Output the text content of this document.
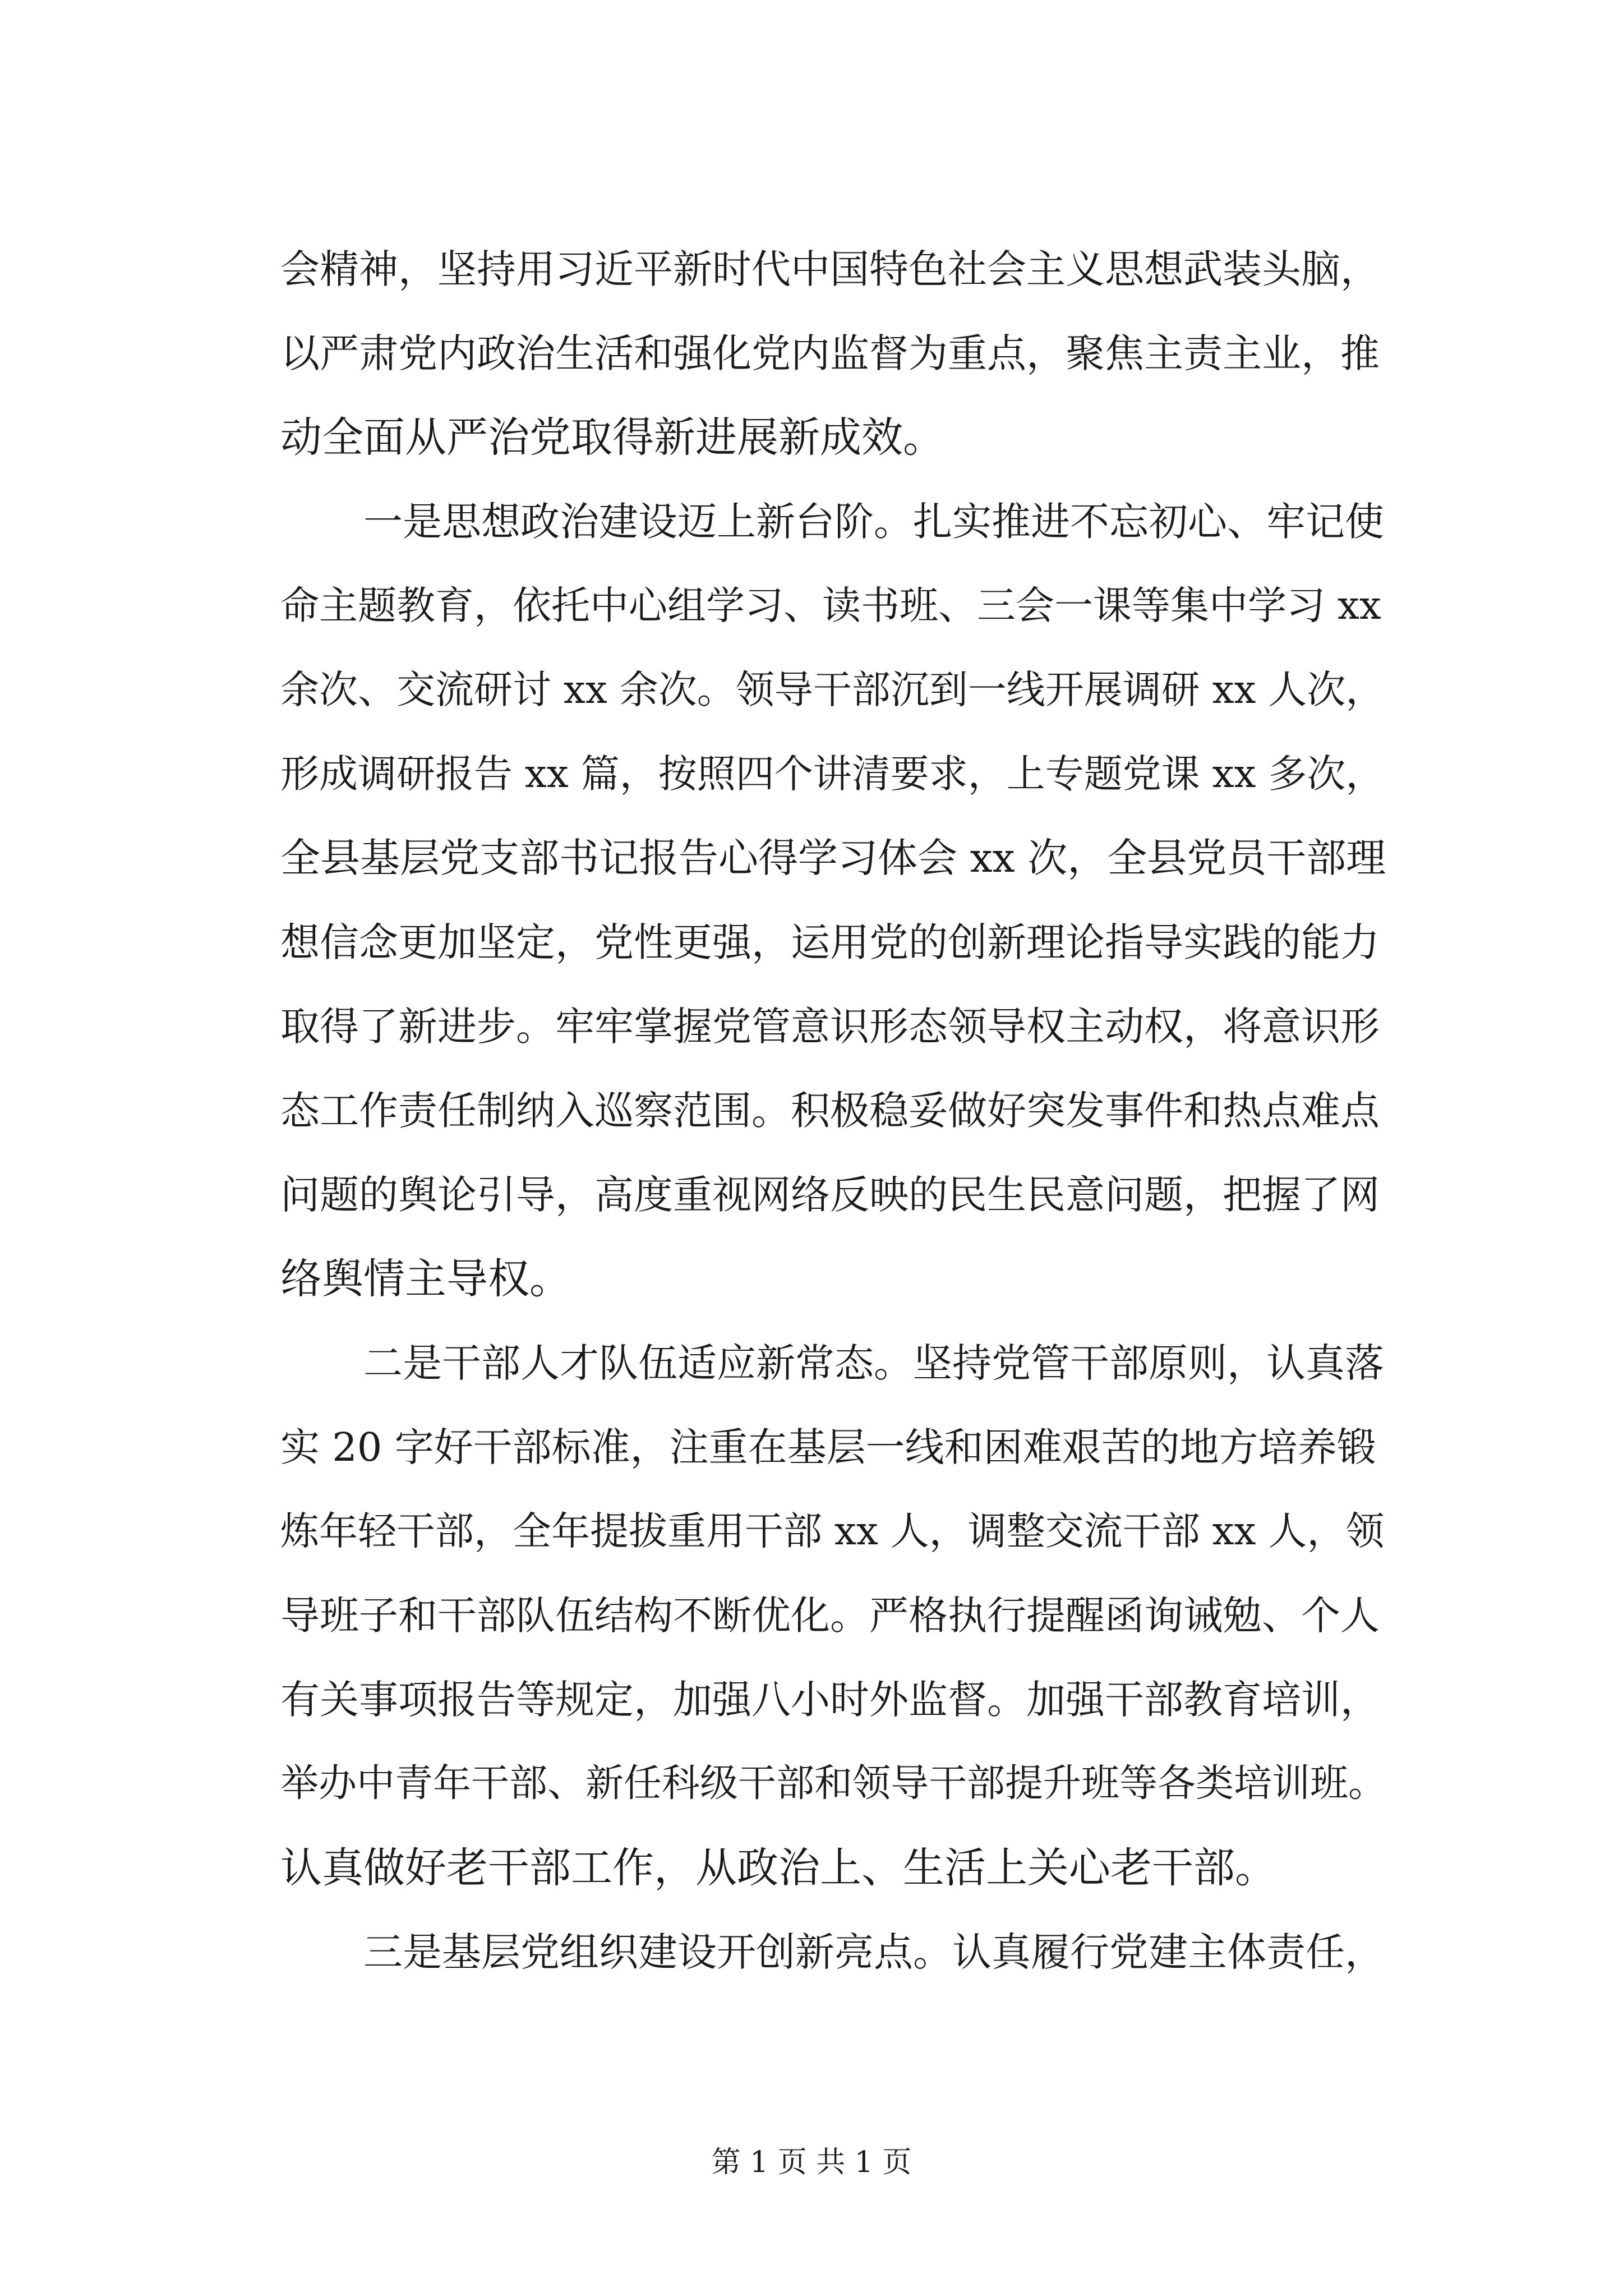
会精神，坚持用习近平新时代中国特色社会主义思想武装头脑，
以严肃党内政治生活和强化党内监督为重点，聚焦主责主业，推
动全面从严治党取得新进展新成效。
一是思想政治建设迈上新台阶。扎实推进不忘初心、牢记使
命主题教育，依托中心组学习、读书班、三会一课等集中学习 xx
余次、交流研讨 xx 余次。领导干部沉到一线开展调研 xx 人次，
形成调研报告 xx 篇，按照四个讲清要求，上专题党课 xx 多次，
全县基层党支部书记报告心得学习体会 xx 次，全县党员干部理
想信念更加坚定，党性更强，运用党的创新理论指导实践的能力
取得了新进步。牢牢掌握党管意识形态领导权主动权，将意识形
态工作责任制纳入巡察范围。积极稳妥做好突发事件和热点难点
问题的舆论引导，高度重视网络反映的民生民意问题，把握了网
络舆情主导权。
二是干部人才队伍适应新常态。坚持党管干部原则，认真落
实 20 字好干部标准，注重在基层一线和困难艰苦的地方培养锻
炼年轻干部，全年提拔重用干部 xx 人，调整交流干部 xx 人，领
导班子和干部队伍结构不断优化。严格执行提醒函询诫勉、个人
有关事项报告等规定，加强八小时外监督。加强干部教育培训，
举办中青年干部、新任科级干部和领导干部提升班等各类培训班。
认真做好老干部工作，从政治上、生活上关心老干部。
三是基层党组织建设开创新亮点。认真履行党建主体责任，
第 1 页 共 1 页
